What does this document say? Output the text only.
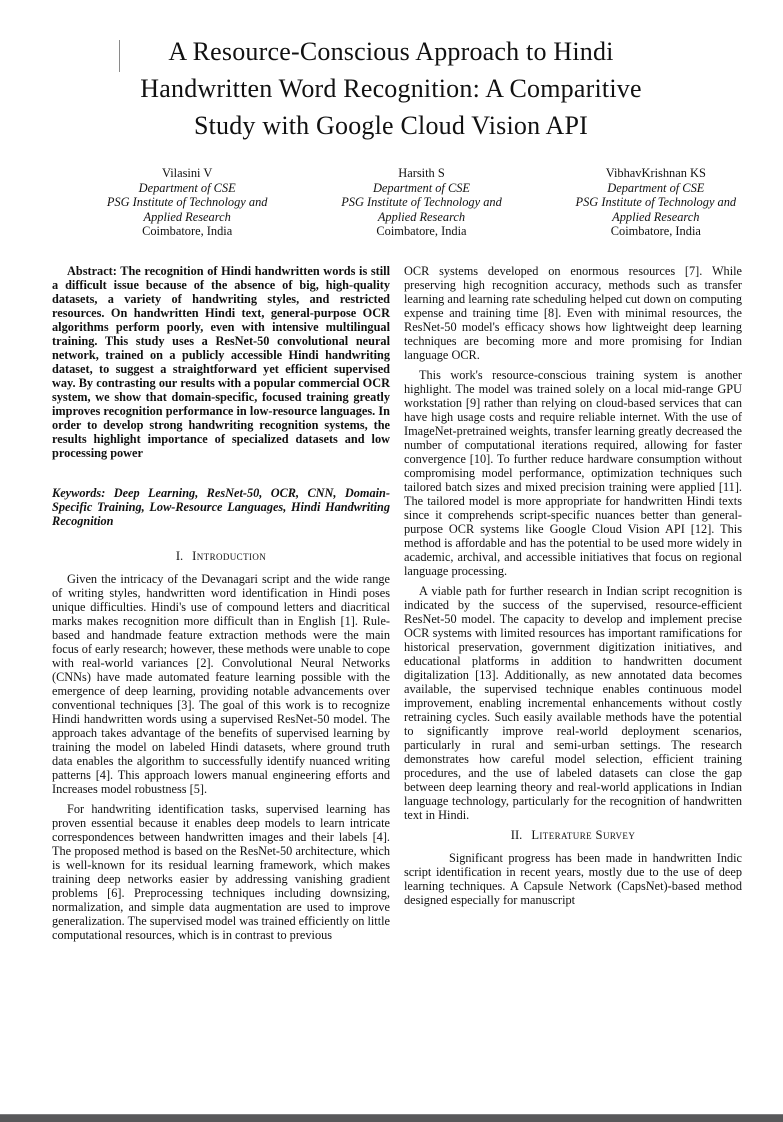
A Resource-Conscious Approach to Hindi Handwritten Word Recognition: A Comparitive Study with Google Cloud Vision API
Vilasini V
Department of CSE
PSG Institute of Technology and
Applied Research
Coimbatore, India
Harsith S
Department of CSE
PSG Institute of Technology and
Applied Research
Coimbatore, India
VibhavKrishnan KS
Department of CSE
PSG Institute of Technology and
Applied Research
Coimbatore, India

Abstract: The recognition of Hindi handwritten words is still a difficult issue because of the absence of big, high-quality datasets, a variety of handwriting styles, and restricted resources. On handwritten Hindi text, general-purpose OCR algorithms perform poorly, even with intensive multilingual training. This study uses a ResNet-50 convolutional neural network, trained on a publicly accessible Hindi handwriting dataset, to suggest a straightforward yet efficient supervised way. By contrasting our results with a popular commercial OCR system, we show that domain-specific, focused training greatly improves recognition performance in low-resource languages. In order to develop strong handwriting recognition systems, the results highlight importance of specialized datasets and low processing power

Keywords: Deep Learning, ResNet-50, OCR, CNN, Domain-Specific Training, Low-Resource Languages, Hindi Handwriting Recognition

I. Introduction

Given the intricacy of the Devanagari script and the wide range of writing styles, handwritten word identification in Hindi poses unique difficulties. Hindi's use of compound letters and diacritical marks makes recognition more difficult than in English [1]. Rule-based and handmade feature extraction methods were the main focus of early research; however, these methods were unable to cope with real-world variances [2]. Convolutional Neural Networks (CNNs) have made automated feature learning possible with the emergence of deep learning, providing notable advancements over conventional techniques [3]. The goal of this work is to recognize Hindi handwritten words using a supervised ResNet-50 model. The approach takes advantage of the benefits of supervised learning by training the model on labeled Hindi datasets, where ground truth data enables the algorithm to successfully identify nuanced writing patterns [4]. This approach lowers manual engineering efforts and Increases model robustness [5].

For handwriting identification tasks, supervised learning has proven essential because it enables deep models to learn intricate correspondences between handwritten images and their labels [4]. The proposed method is based on the ResNet-50 architecture, which is well-known for its residual learning framework, which makes training deep networks easier by addressing vanishing gradient problems [6]. Preprocessing techniques including downsizing, normalization, and simple data augmentation are used to improve generalization. The supervised model was trained efficiently on little computational resources, which is in contrast to previous

OCR systems developed on enormous resources [7]. While preserving high recognition accuracy, methods such as transfer learning and learning rate scheduling helped cut down on computing expense and training time [8]. Even with minimal resources, the ResNet-50 model's efficacy shows how lightweight deep learning techniques are becoming more and more promising for Indian language OCR.

This work's resource-conscious training system is another highlight. The model was trained solely on a local mid-range GPU workstation [9] rather than relying on cloud-based services that can have high usage costs and require reliable internet. With the use of ImageNet-pretrained weights, transfer learning greatly decreased the number of computational iterations required, allowing for faster convergence [10]. To further reduce hardware consumption without compromising model performance, optimization techniques such tailored batch sizes and mixed precision training were applied [11]. The tailored model is more appropriate for handwritten Hindi texts since it comprehends script-specific nuances better than general-purpose OCR systems like Google Cloud Vision API [12]. This method is affordable and has the potential to be used more widely in academic, archival, and accessible initiatives that focus on regional language processing.

A viable path for further research in Indian script recognition is indicated by the success of the supervised, resource-efficient ResNet-50 model. The capacity to develop and implement precise OCR systems with limited resources has important ramifications for historical preservation, government digitization initiatives, and educational platforms in addition to handwritten document digitalization [13]. Additionally, as new annotated data becomes available, the supervised technique enables continuous model improvement, enabling incremental enhancements without costly retraining cycles. Such easily available methods have the potential to significantly improve real-world deployment scenarios, particularly in rural and semi-urban settings. The research demonstrates how careful model selection, efficient training procedures, and the use of labeled datasets can close the gap between deep learning theory and real-world applications in Indian language technology, particularly for the recognition of handwritten text in Hindi.

II. Literature Survey

Significant progress has been made in handwritten Indic script identification in recent years, mostly due to the use of deep learning techniques. A Capsule Network (CapsNet)-based method designed especially for manuscript
